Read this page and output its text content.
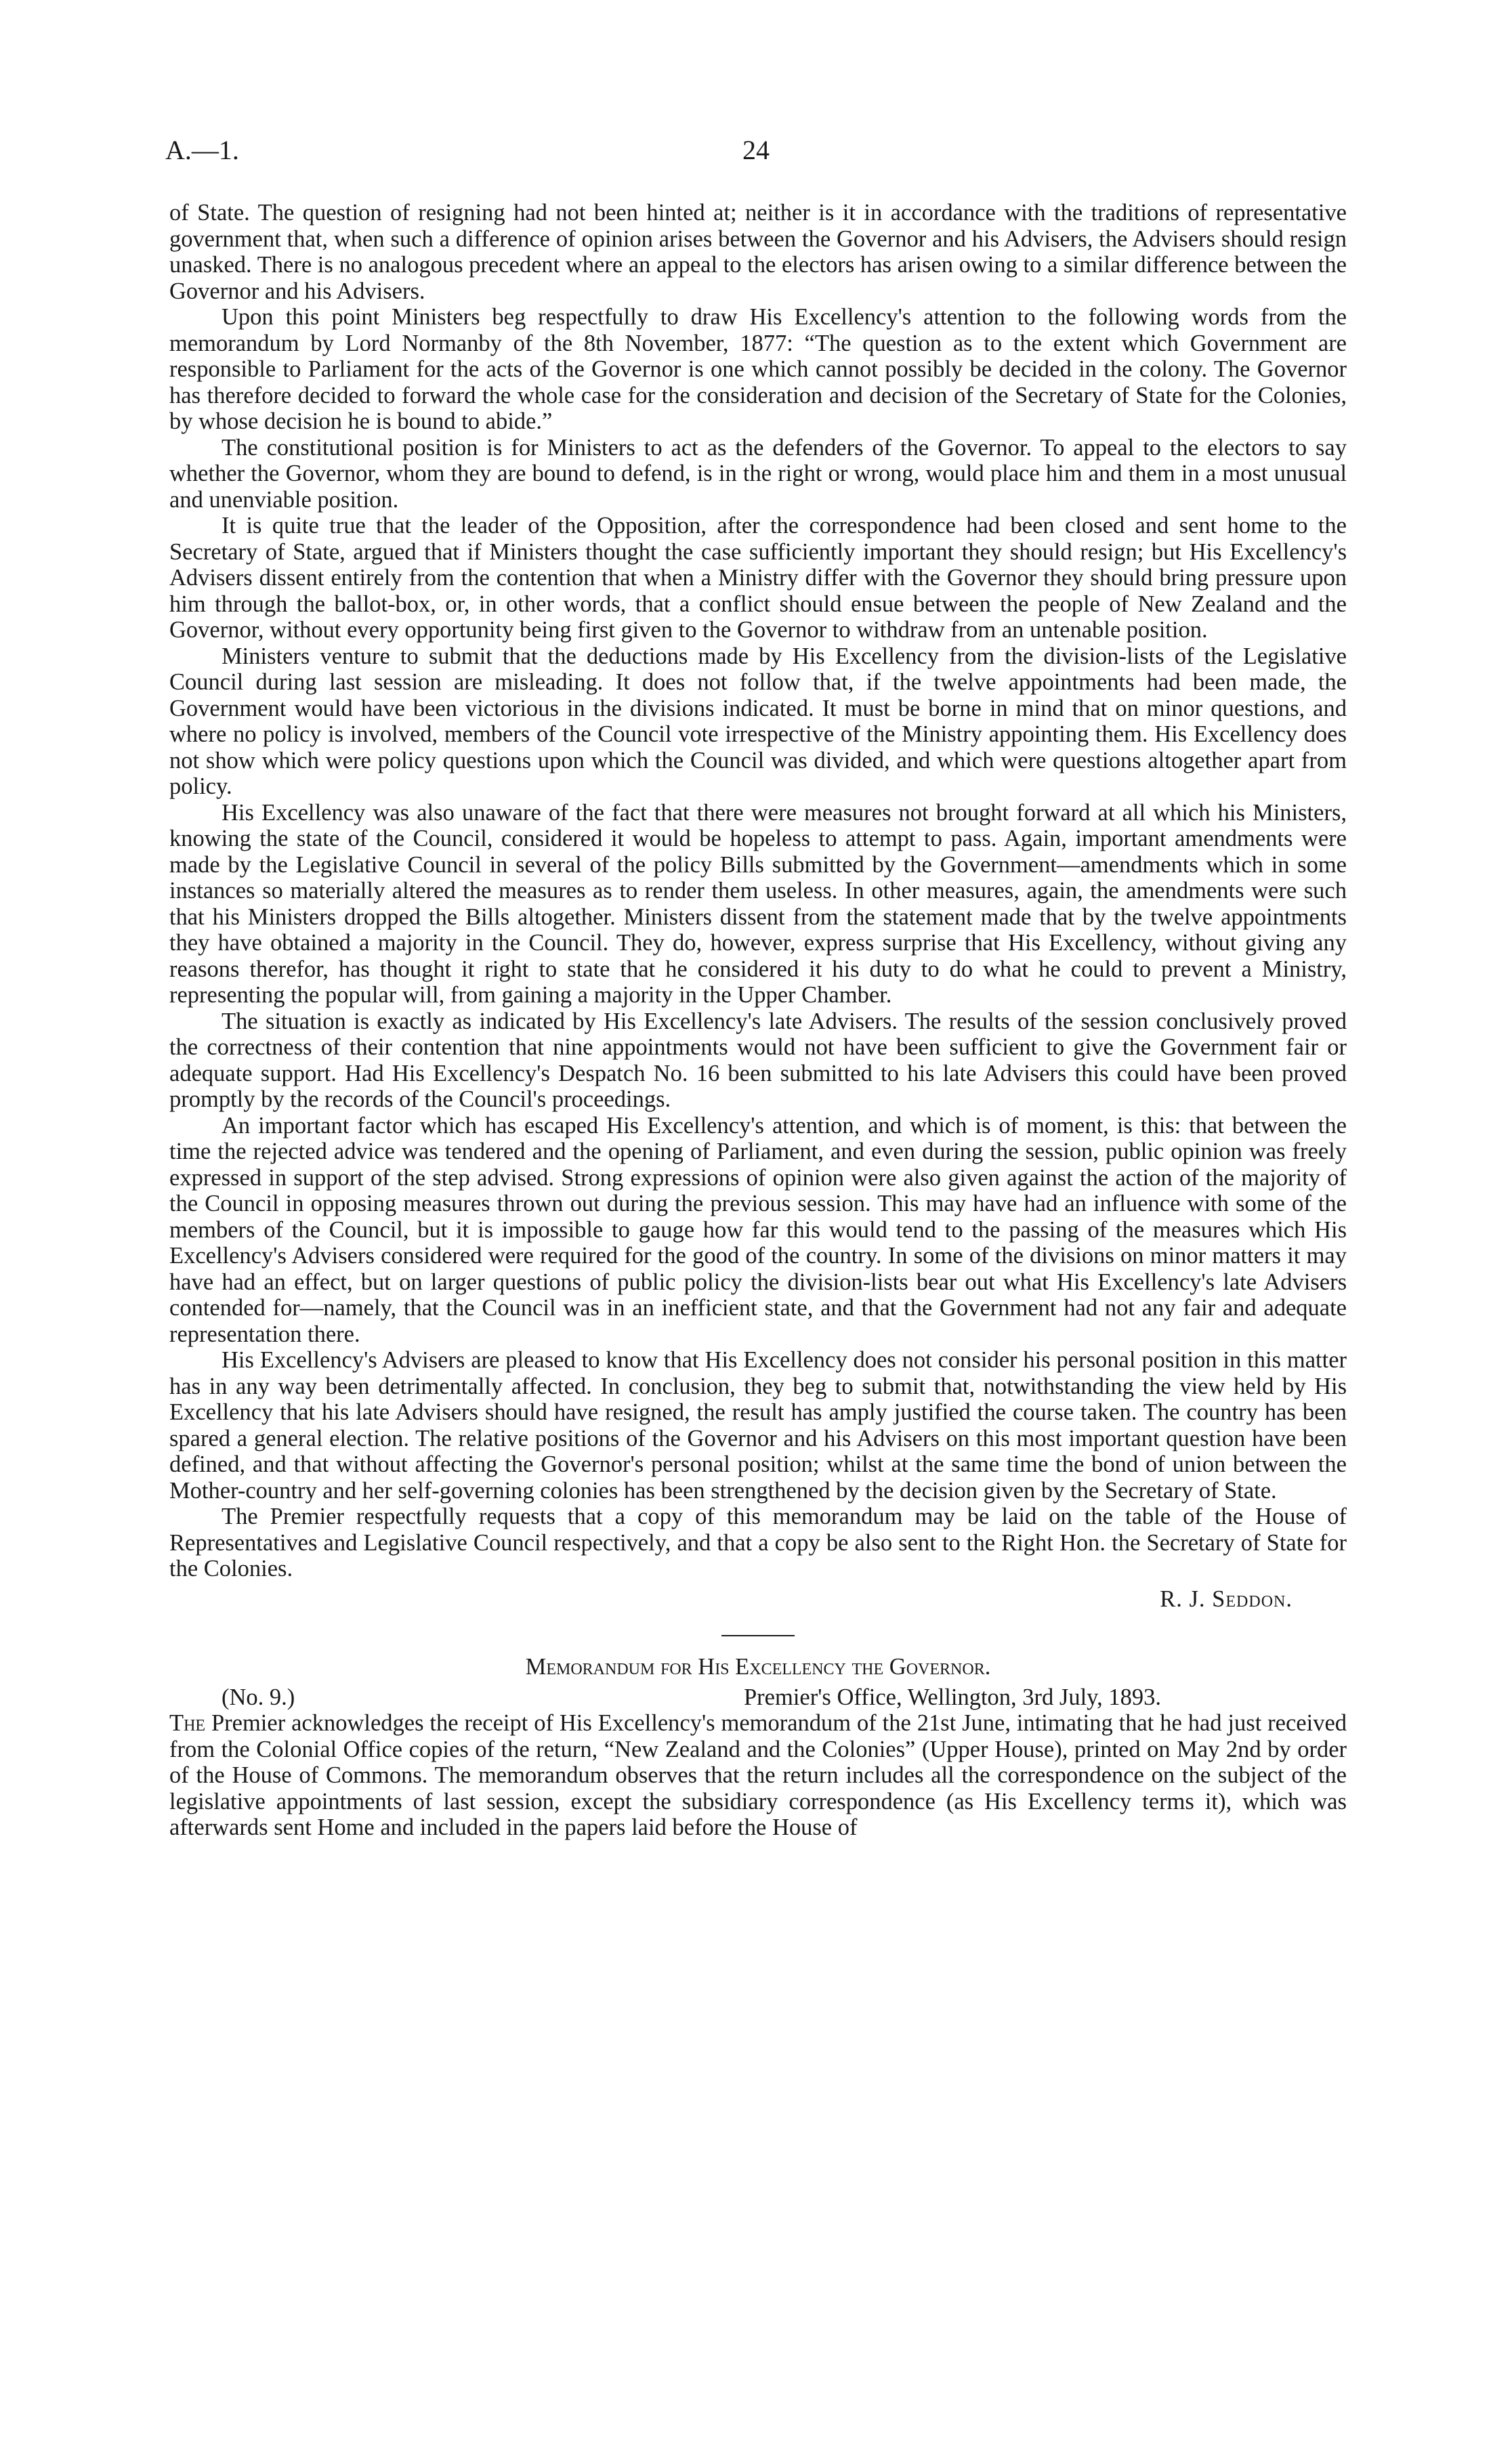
A.—1.	24

of State. The question of resigning had not been hinted at; neither is it in accordance with the traditions of representative government that, when such a difference of opinion arises between the Governor and his Advisers, the Advisers should resign unasked. There is no analogous precedent where an appeal to the electors has arisen owing to a similar difference between the Governor and his Advisers.

Upon this point Ministers beg respectfully to draw His Excellency's attention to the following words from the memorandum by Lord Normanby of the 8th November, 1877: “The question as to the extent which Government are responsible to Parliament for the acts of the Governor is one which cannot possibly be decided in the colony. The Governor has therefore decided to forward the whole case for the consideration and decision of the Secretary of State for the Colonies, by whose decision he is bound to abide.”

The constitutional position is for Ministers to act as the defenders of the Governor. To appeal to the electors to say whether the Governor, whom they are bound to defend, is in the right or wrong, would place him and them in a most unusual and unenviable position.

It is quite true that the leader of the Opposition, after the correspondence had been closed and sent home to the Secretary of State, argued that if Ministers thought the case sufficiently important they should resign; but His Excellency's Advisers dissent entirely from the contention that when a Ministry differ with the Governor they should bring pressure upon him through the ballot-box, or, in other words, that a conflict should ensue between the people of New Zealand and the Governor, without every opportunity being first given to the Governor to withdraw from an untenable position.

Ministers venture to submit that the deductions made by His Excellency from the division-lists of the Legislative Council during last session are misleading. It does not follow that, if the twelve appointments had been made, the Government would have been victorious in the divisions indicated. It must be borne in mind that on minor questions, and where no policy is involved, members of the Council vote irrespective of the Ministry appointing them. His Excellency does not show which were policy questions upon which the Council was divided, and which were questions altogether apart from policy.

His Excellency was also unaware of the fact that there were measures not brought forward at all which his Ministers, knowing the state of the Council, considered it would be hopeless to attempt to pass. Again, important amendments were made by the Legislative Council in several of the policy Bills submitted by the Government—amendments which in some instances so materially altered the measures as to render them useless. In other measures, again, the amendments were such that his Ministers dropped the Bills altogether. Ministers dissent from the statement made that by the twelve appointments they have obtained a majority in the Council. They do, however, express surprise that His Excellency, without giving any reasons therefor, has thought it right to state that he considered it his duty to do what he could to prevent a Ministry, representing the popular will, from gaining a majority in the Upper Chamber.

The situation is exactly as indicated by His Excellency's late Advisers. The results of the session conclusively proved the correctness of their contention that nine appointments would not have been sufficient to give the Government fair or adequate support. Had His Excellency's Despatch No. 16 been submitted to his late Advisers this could have been proved promptly by the records of the Council's proceedings.

An important factor which has escaped His Excellency's attention, and which is of moment, is this: that between the time the rejected advice was tendered and the opening of Parliament, and even during the session, public opinion was freely expressed in support of the step advised. Strong expressions of opinion were also given against the action of the majority of the Council in opposing measures thrown out during the previous session. This may have had an influence with some of the members of the Council, but it is impossible to gauge how far this would tend to the passing of the measures which His Excellency's Advisers considered were required for the good of the country. In some of the divisions on minor matters it may have had an effect, but on larger questions of public policy the division-lists bear out what His Excellency's late Advisers contended for—namely, that the Council was in an inefficient state, and that the Government had not any fair and adequate representation there.

His Excellency's Advisers are pleased to know that His Excellency does not consider his personal position in this matter has in any way been detrimentally affected. In conclusion, they beg to submit that, notwithstanding the view held by His Excellency that his late Advisers should have resigned, the result has amply justified the course taken. The country has been spared a general election. The relative positions of the Governor and his Advisers on this most important question have been defined, and that without affecting the Governor's personal position; whilst at the same time the bond of union between the Mother-country and her self-governing colonies has been strengthened by the decision given by the Secretary of State.

The Premier respectfully requests that a copy of this memorandum may be laid on the table of the House of Representatives and Legislative Council respectively, and that a copy be also sent to the Right Hon. the Secretary of State for the Colonies.

R. J. Seddon.

Memorandum for His Excellency the Governor.

(No. 9.)	Premier's Office, Wellington, 3rd July, 1893.

The Premier acknowledges the receipt of His Excellency's memorandum of the 21st June, intimating that he had just received from the Colonial Office copies of the return, “New Zealand and the Colonies” (Upper House), printed on May 2nd by order of the House of Commons. The memorandum observes that the return includes all the correspondence on the subject of the legislative appointments of last session, except the subsidiary correspondence (as His Excellency terms it), which was afterwards sent Home and included in the papers laid before the House of
